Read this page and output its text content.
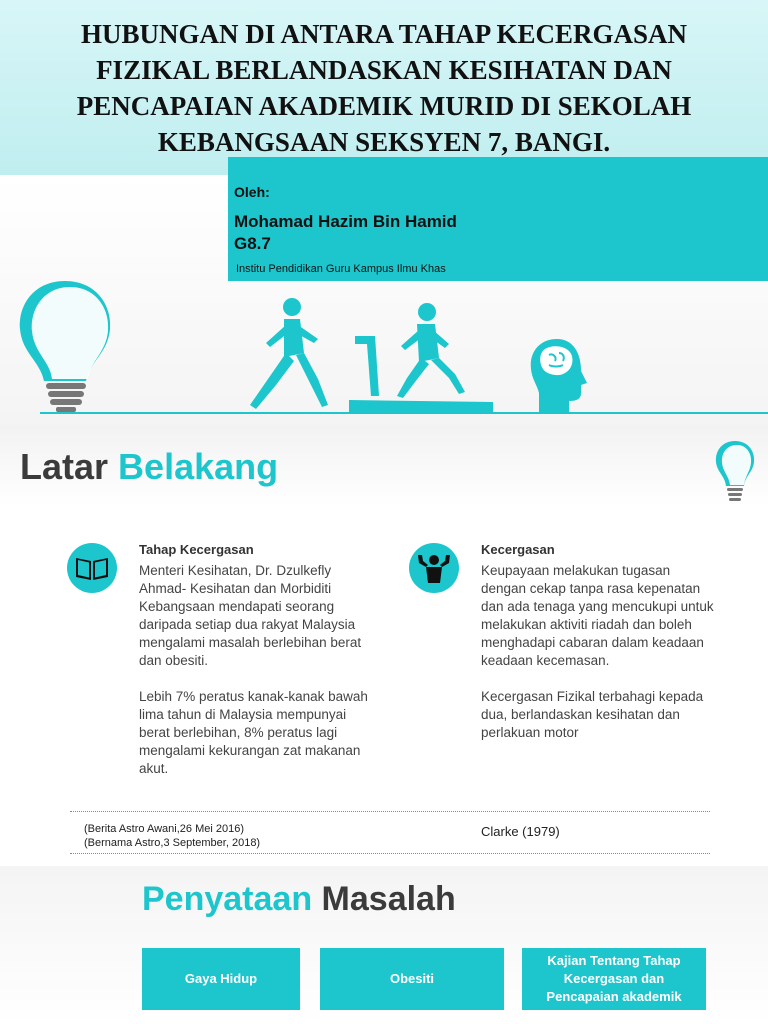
HUBUNGAN DI ANTARA TAHAP KECERGASAN
FIZIKAL BERLANDASKAN KESIHATAN DAN
PENCAPAIAN AKADEMIK MURID DI SEKOLAH
KEBANGSAAN SEKSYEN 7, BANGI.
Oleh:
Mohamad Hazim Bin Hamid
G8.7
Institu Pendidikan Guru Kampus Ilmu Khas
Latar Belakang
Tahap Kecergasan

Menteri Kesihatan, Dr. Dzulkefly Ahmad- Kesihatan dan Morbiditi Kebangsaan mendapati seorang daripada setiap dua rakyat Malaysia mengalami masalah berlebihan berat dan obesiti.

Lebih 7% peratus kanak-kanak bawah lima tahun di Malaysia mempunyai berat berlebihan, 8% peratus lagi mengalami kekurangan zat makanan akut.

Kecergasan

Keupayaan melakukan tugasan dengan cekap tanpa rasa kepenatan dan ada tenaga yang mencukupi untuk melakukan aktiviti riadah dan boleh menghadapi cabaran dalam keadaan keadaan kecemasan.

Kecergasan Fizikal terbahagi kepada dua, berlandaskan kesihatan dan perlakuan motor

(Berita Astro Awani,26 Mei 2016)
(Bernama Astro,3 September, 2018)
Clarke (1979)
Penyataan Masalah
Gaya Hidup	Obesiti
Kajian Tentang Tahap Kecergasan dan Pencapaian akademik
